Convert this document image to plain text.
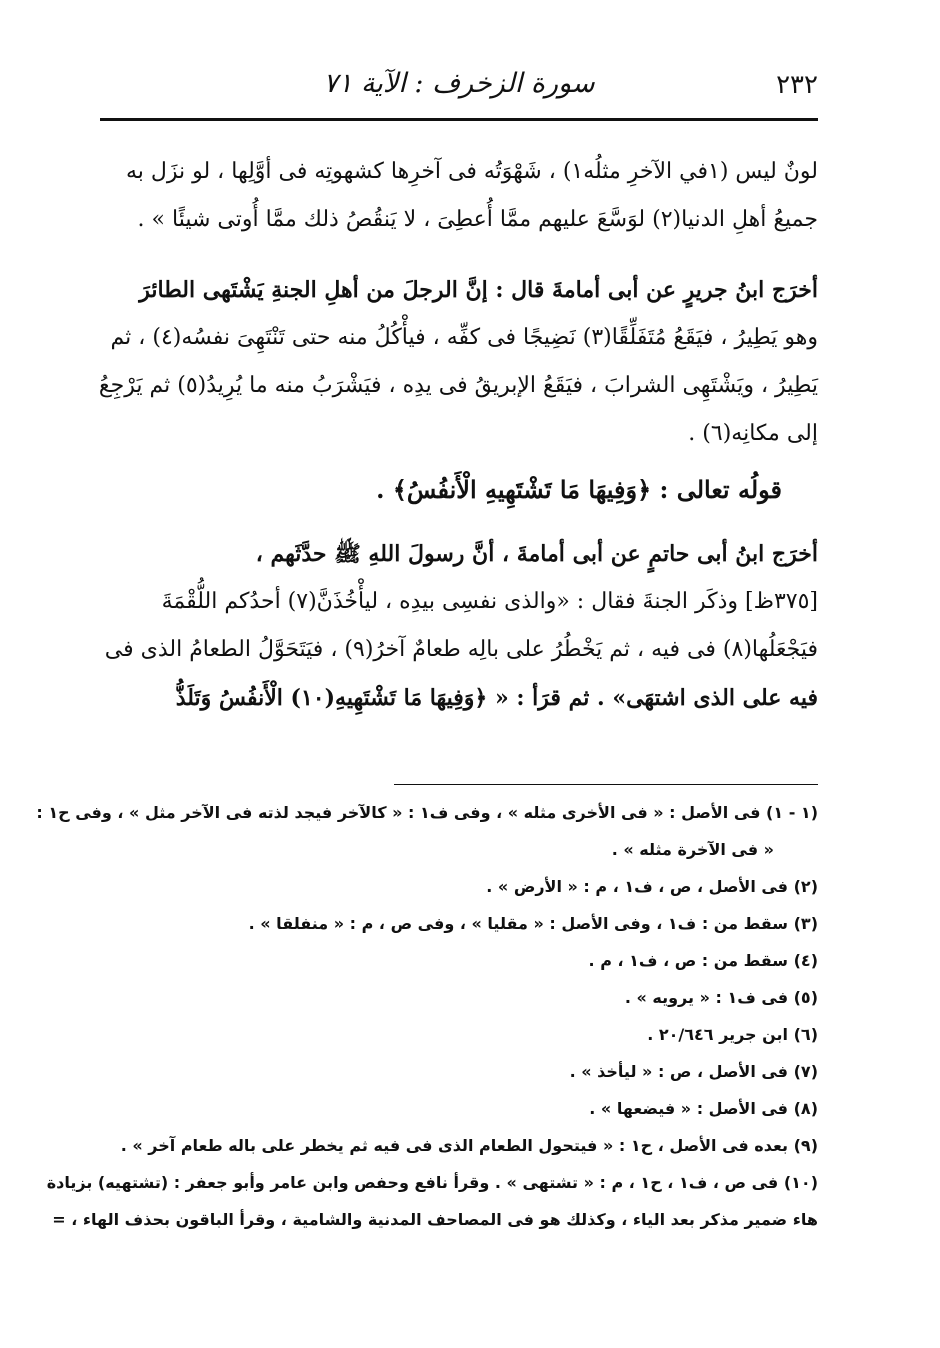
٢٣٢
سورة الزخرف : الآية ٧١

لونٌ ليس (١في الآخرِ مثلُه١) ، شَهْوَتُه فى آخرِها كشهوتِه فى أوَّلِها ، لو نزَل به
جميعُ أهلِ الدنيا(٢) لوَسَّعَ عليهم ممَّا أُعطِىَ ، لا يَنقُصُ ذلك ممَّا أُوتى شيئًا » .

أخرَج ابنُ جريرٍ عن أبى أمامةَ قال : إنَّ الرجلَ من أهلِ الجنةِ يَشْتَهى الطائرَ
وهو يَطِيرُ ، فيَقَعُ مُتَفَلِّقًا(٣) نَضِيجًا فى كفِّه ، فيأْكُلُ منه حتى تَنْتَهِىَ نفسُه(٤) ، ثم
يَطِيرُ ، ويَشْتَهِى الشرابَ ، فيَقَعُ الإبريقُ فى يدِه ، فيَشْرَبُ منه ما يُرِيدُ(٥) ثم يَرْجِعُ
إلى مكانِه(٦) .

قولُه تعالى : ﴿وَفِيهَا مَا تَشْتَهِيهِ الْأَنفُسُ﴾ .

أخرَج ابنُ أبى حاتمٍ عن أبى أمامةَ ، أنَّ رسولَ اللهِ ﷺ حدَّثَهم ،
[٣٧٥ظ] وذكَر الجنةَ فقال : «والذى نفسِى بيدِه ، ليأْخُذَنَّ(٧) أحدُكم اللُّقْمَةَ
فيَجْعَلُها(٨) فى فيه ، ثم يَخْطُرُ على بالِه طعامٌ آخرُ(٩) ، فيَتَحَوَّلُ الطعامُ الذى فى
فيه على الذى اشتهَى» . ثم قرَأ : « ﴿وَفِيهَا مَا تَشْتَهِيهِ(١٠) الْأَنفُسُ وَتَلَذُّ

(١ - ١) فى الأصل : « فى الأخرى مثله » ، وفى ف١ : « كالآخر فيجد لذته فى الآخر مثل » ، وفى ح١ :
« فى الآخرة مثله » .
(٢) فى الأصل ، ص ، ف١ ، م : « الأرض » .
(٣) سقط من : ف١ ، وفى الأصل : « مقليا » ، وفى ص ، م : « منفلقا » .
(٤) سقط من : ص ، ف١ ، م .
(٥) فى ف١ : « يرويه » .
(٦) ابن جرير ٢٠/٦٤٦ .
(٧) فى الأصل ، ص : « ليأخذ » .
(٨) فى الأصل : « فيضعها » .
(٩) بعده فى الأصل ، ح١ : « فيتحول الطعام الذى فى فيه ثم يخطر على باله طعام آخر » .
(١٠) فى ص ، ف١ ، ح١ ، م : « تشتهى » . وقرأ نافع وحفص وابن عامر وأبو جعفر : (تشتهيه) بزيادة
هاء ضمير مذكر بعد الياء ، وكذلك هو فى المصاحف المدنية والشامية ، وقرأ الباقون بحذف الهاء ، =
